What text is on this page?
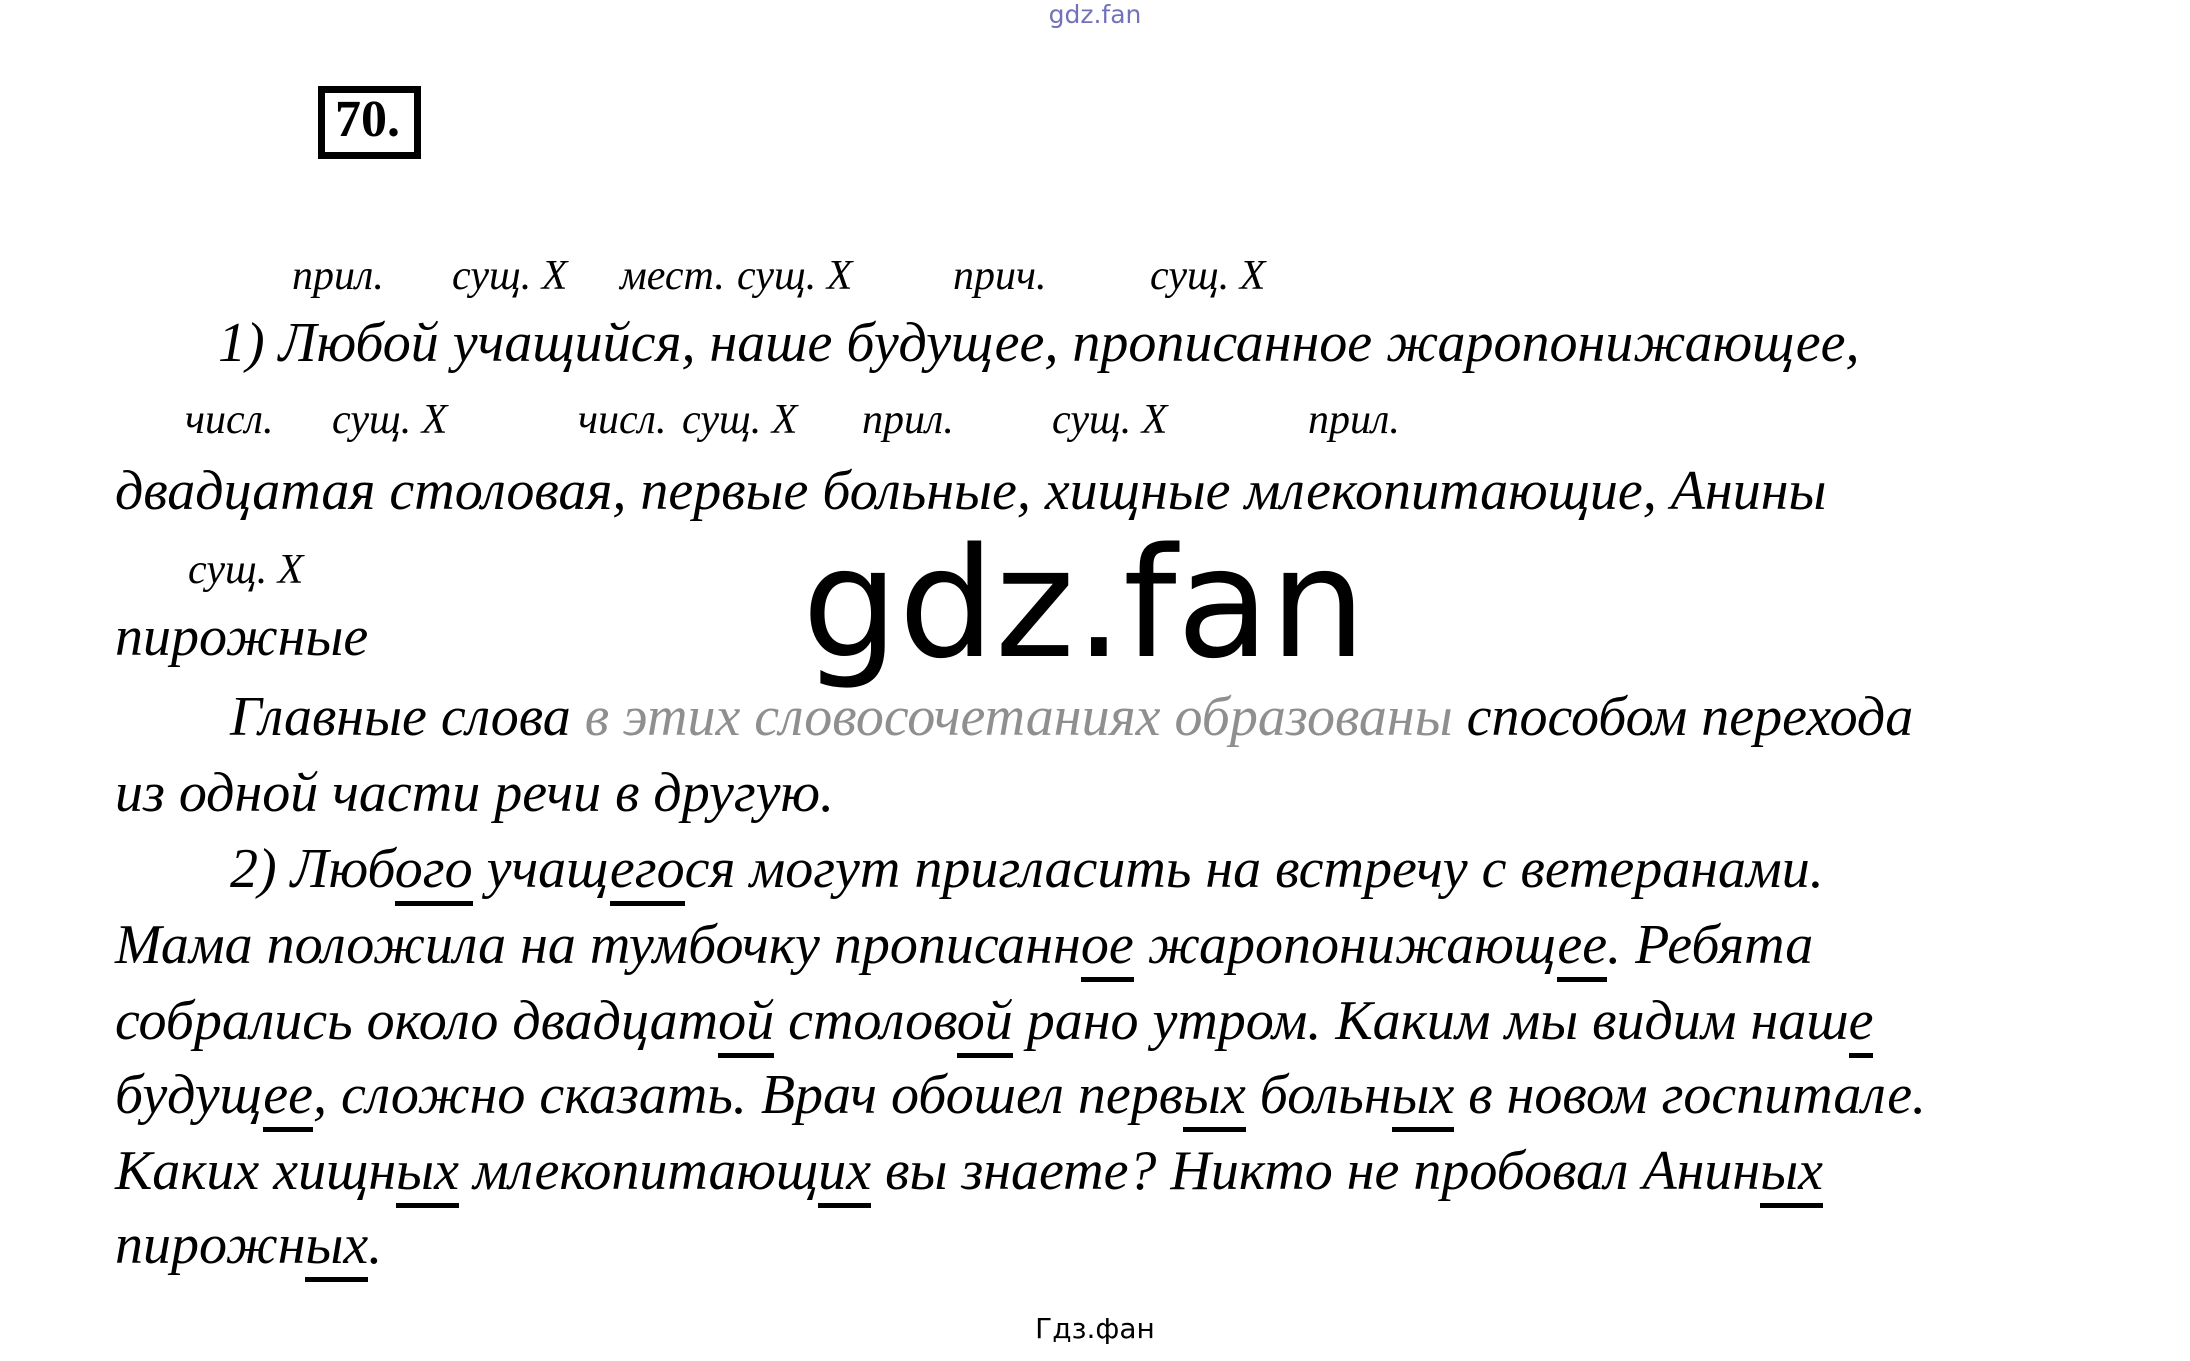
gdz.fan
70.
прил. сущ. X мест. сущ. X прич. сущ. X
1) Любой учащийся, наше будущее, прописанное жаропонижающее,
числ. сущ. X	числ. сущ. X прил. сущ. X	прил.
двадцатая столовая, первые больные, хищные млекопитающие, Анины
сущ. X
пирожные	gdz.fan
Главные слова в этих словосочетаниях образованы способом перехода
из одной части речи в другую.
2) Любого учащегося могут пригласить на встречу с ветеранами.
Мама положила на тумбочку прописанное жаропонижающее. Ребята
собрались около двадцатой столовой рано утром. Каким мы видим наше
будущее, сложно сказать. Врач обошел первых больных в новом госпитале.
Каких хищных млекопитающих вы знаете? Никто не пробовал Аниных
пирожных.
Гдз.фан
